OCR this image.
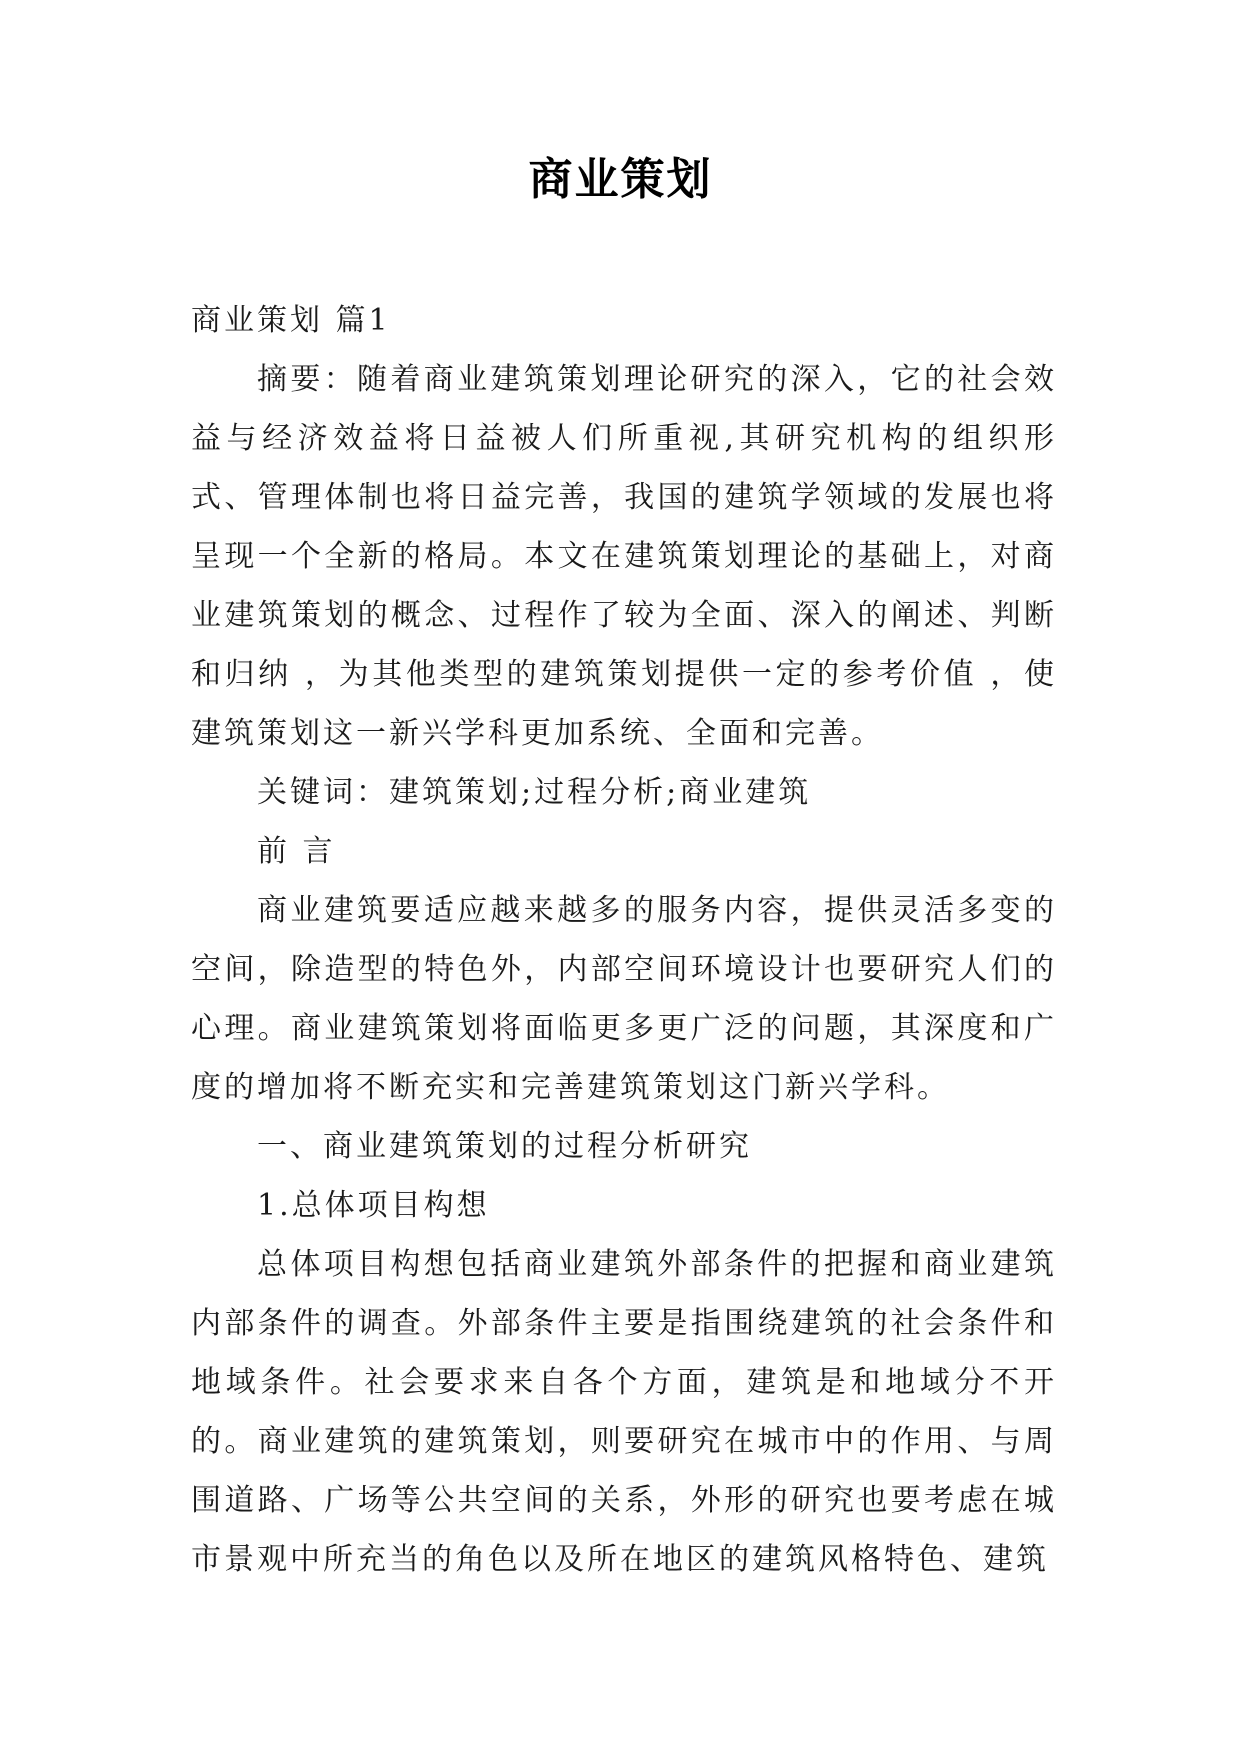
商业策划

商业策划 篇1

摘要：随着商业建筑策划理论研究的深入，它的社会效益与经济效益将日益被人们所重视,其研究机构的组织形式、管理体制也将日益完善，我国的建筑学领域的发展也将呈现一个全新的格局。本文在建筑策划理论的基础上，对商业建筑策划的概念、过程作了较为全面、深入的阐述、判断和归纳 ，为其他类型的建筑策划提供一定的参考价值 ，使建筑策划这一新兴学科更加系统、全面和完善。

关键词：建筑策划;过程分析;商业建筑

前 言

商业建筑要适应越来越多的服务内容，提供灵活多变的空间，除造型的特色外，内部空间环境设计也要研究人们的心理。商业建筑策划将面临更多更广泛的问题，其深度和广度的增加将不断充实和完善建筑策划这门新兴学科。

一、商业建筑策划的过程分析研究

1.总体项目构想

总体项目构想包括商业建筑外部条件的把握和商业建筑内部条件的调查。外部条件主要是指围绕建筑的社会条件和地域条件。社会要求来自各个方面，建筑是和地域分不开的。商业建筑的建筑策划，则要研究在城市中的作用、与周围道路、广场等公共空间的关系，外形的研究也要考虑在城市景观中所充当的角色以及所在地区的建筑风格特色、建筑
